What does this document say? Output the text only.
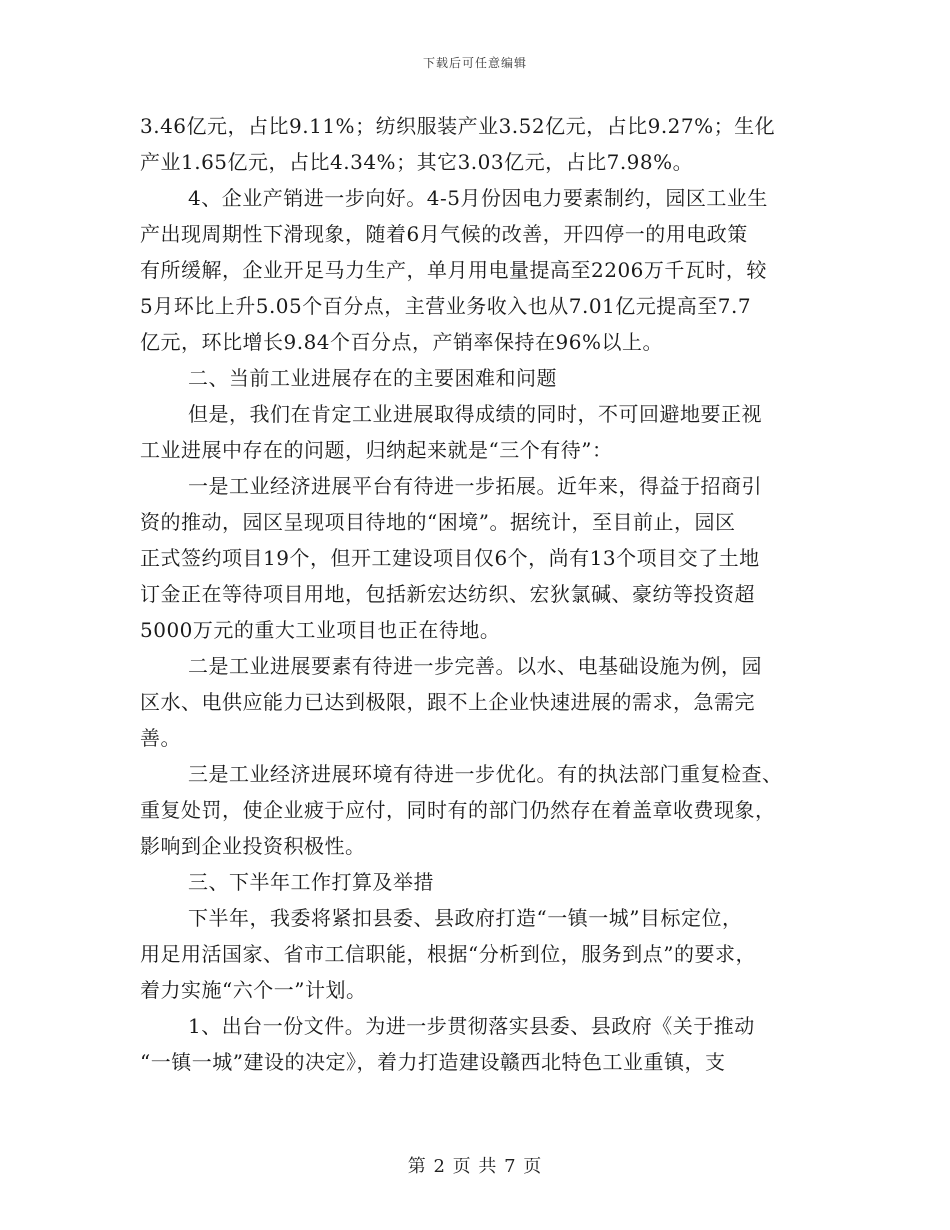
下载后可任意编辑
3.46亿元，占比9.11%；纺织服装产业3.52亿元，占比9.27%；生化
产业1.65亿元，占比4.34%；其它3.03亿元，占比7.98%。
4、企业产销进一步向好。4-5月份因电力要素制约，园区工业生
产出现周期性下滑现象，随着6月气候的改善，开四停一的用电政策
有所缓解，企业开足马力生产，单月用电量提高至2206万千瓦时，较
5月环比上升5.05个百分点，主营业务收入也从7.01亿元提高至7.7
亿元，环比增长9.84个百分点，产销率保持在96%以上。
二、当前工业进展存在的主要困难和问题
但是，我们在肯定工业进展取得成绩的同时，不可回避地要正视
工业进展中存在的问题，归纳起来就是“三个有待”：
一是工业经济进展平台有待进一步拓展。近年来，得益于招商引
资的推动，园区呈现项目待地的“困境”。据统计，至目前止，园区
正式签约项目19个，但开工建设项目仅6个，尚有13个项目交了土地
订金正在等待项目用地，包括新宏达纺织、宏狄氯碱、豪纺等投资超
5000万元的重大工业项目也正在待地。
二是工业进展要素有待进一步完善。以水、电基础设施为例，园
区水、电供应能力已达到极限，跟不上企业快速进展的需求，急需完
善。
三是工业经济进展环境有待进一步优化。有的执法部门重复检查、
重复处罚，使企业疲于应付，同时有的部门仍然存在着盖章收费现象，
影响到企业投资积极性。
三、下半年工作打算及举措
下半年，我委将紧扣县委、县政府打造“一镇一城”目标定位，
用足用活国家、省市工信职能，根据“分析到位，服务到点”的要求，
着力实施“六个一”计划。
1、出台一份文件。为进一步贯彻落实县委、县政府《关于推动
“一镇一城”建设的决定》，着力打造建设赣西北特色工业重镇，支
第 2 页 共 7 页
